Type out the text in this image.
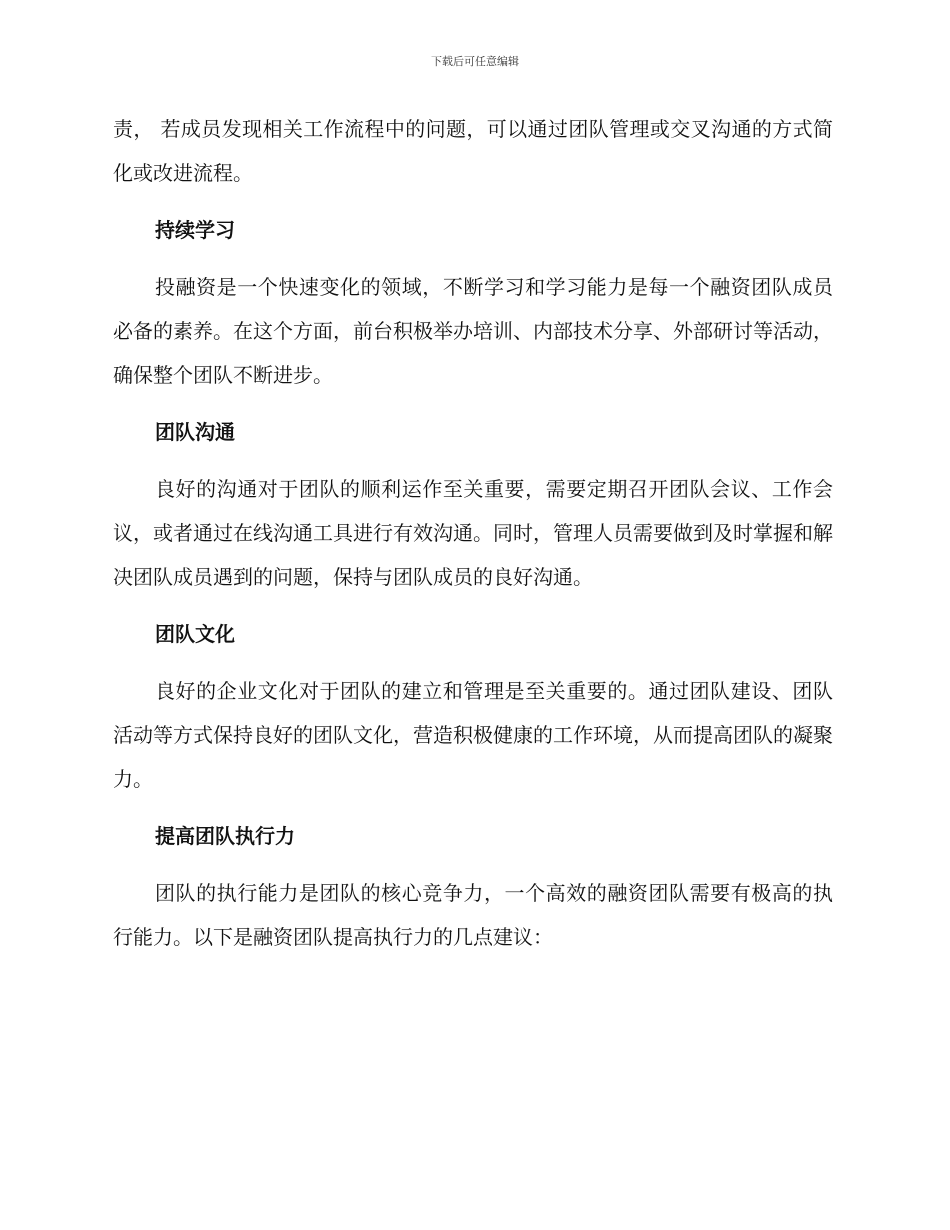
下载后可任意编辑

责， 若成员发现相关工作流程中的问题，可以通过团队管理或交叉沟通的方式简化或改进流程。

持续学习

投融资是一个快速变化的领域，不断学习和学习能力是每一个融资团队成员必备的素养。在这个方面，前台积极举办培训、内部技术分享、外部研讨等活动，确保整个团队不断进步。

团队沟通

良好的沟通对于团队的顺利运作至关重要，需要定期召开团队会议、工作会议，或者通过在线沟通工具进行有效沟通。同时，管理人员需要做到及时掌握和解决团队成员遇到的问题，保持与团队成员的良好沟通。

团队文化

良好的企业文化对于团队的建立和管理是至关重要的。通过团队建设、团队活动等方式保持良好的团队文化，营造积极健康的工作环境，从而提高团队的凝聚力。

提高团队执行力

团队的执行能力是团队的核心竞争力，一个高效的融资团队需要有极高的执行能力。以下是融资团队提高执行力的几点建议：
